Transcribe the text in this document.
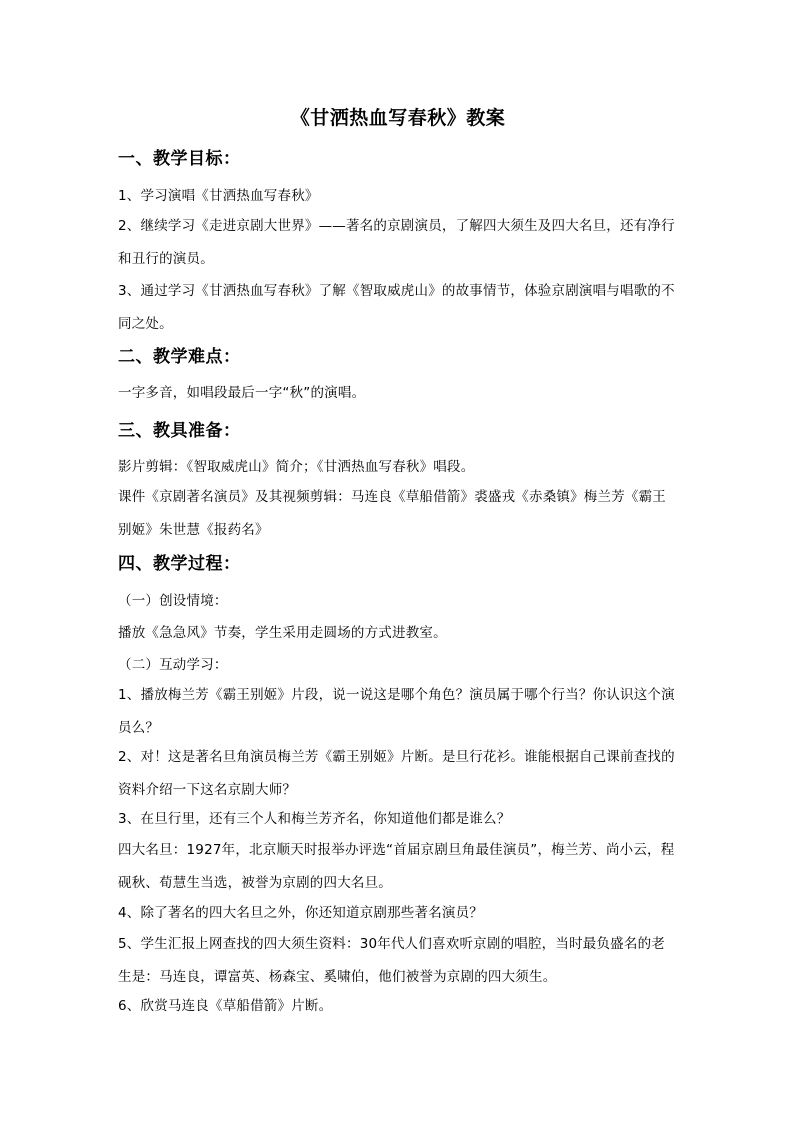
《甘洒热血写春秋》教案
一、教学目标：
1、学习演唱《甘洒热血写春秋》
2、继续学习《走进京剧大世界》——著名的京剧演员，了解四大须生及四大名旦，还有净行和丑行的演员。
3、通过学习《甘洒热血写春秋》了解《智取威虎山》的故事情节，体验京剧演唱与唱歌的不同之处。
二、教学难点：
一字多音，如唱段最后一字“秋”的演唱。
三、教具准备：
影片剪辑：《智取威虎山》简介；《甘洒热血写春秋》唱段。
课件《京剧著名演员》及其视频剪辑：马连良《草船借箭》裘盛戎《赤桑镇》梅兰芳《霸王别姬》朱世慧《报药名》
四、教学过程：
（一）创设情境：
播放《急急风》节奏，学生采用走圆场的方式进教室。
（二）互动学习：
1、播放梅兰芳《霸王别姬》片段，说一说这是哪个角色？演员属于哪个行当？你认识这个演员么？
2、对！这是著名旦角演员梅兰芳《霸王别姬》片断。是旦行花衫。谁能根据自己课前查找的资料介绍一下这名京剧大师？
3、在旦行里，还有三个人和梅兰芳齐名，你知道他们都是谁么？
四大名旦：1927年，北京顺天时报举办评选“首届京剧旦角最佳演员”，梅兰芳、尚小云，程砚秋、荀慧生当选，被誉为京剧的四大名旦。
4、除了著名的四大名旦之外，你还知道京剧那些著名演员？
5、学生汇报上网查找的四大须生资料：30年代人们喜欢听京剧的唱腔，当时最负盛名的老生是：马连良，谭富英、杨森宝、奚啸伯，他们被誉为京剧的四大须生。
6、欣赏马连良《草船借箭》片断。
